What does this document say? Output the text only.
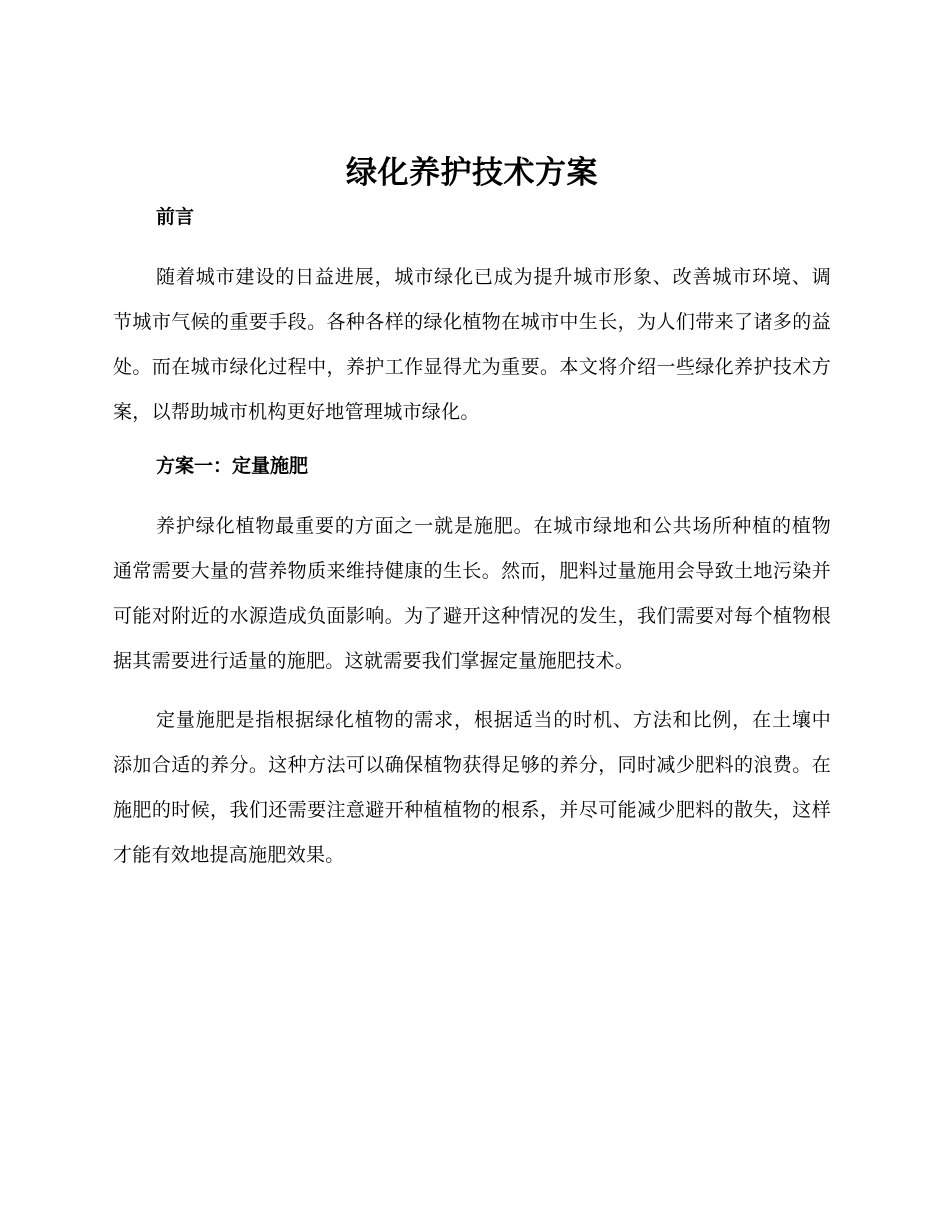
绿化养护技术方案
前言

随着城市建设的日益进展，城市绿化已成为提升城市形象、改善城市环境、调节城市气候的重要手段。各种各样的绿化植物在城市中生长，为人们带来了诸多的益处。而在城市绿化过程中，养护工作显得尤为重要。本文将介绍一些绿化养护技术方案，以帮助城市机构更好地管理城市绿化。

方案一：定量施肥

养护绿化植物最重要的方面之一就是施肥。在城市绿地和公共场所种植的植物通常需要大量的营养物质来维持健康的生长。然而，肥料过量施用会导致土地污染并可能对附近的水源造成负面影响。为了避开这种情况的发生，我们需要对每个植物根据其需要进行适量的施肥。这就需要我们掌握定量施肥技术。

定量施肥是指根据绿化植物的需求，根据适当的时机、方法和比例，在土壤中添加合适的养分。这种方法可以确保植物获得足够的养分，同时减少肥料的浪费。在施肥的时候，我们还需要注意避开种植植物的根系，并尽可能减少肥料的散失，这样才能有效地提高施肥效果。
